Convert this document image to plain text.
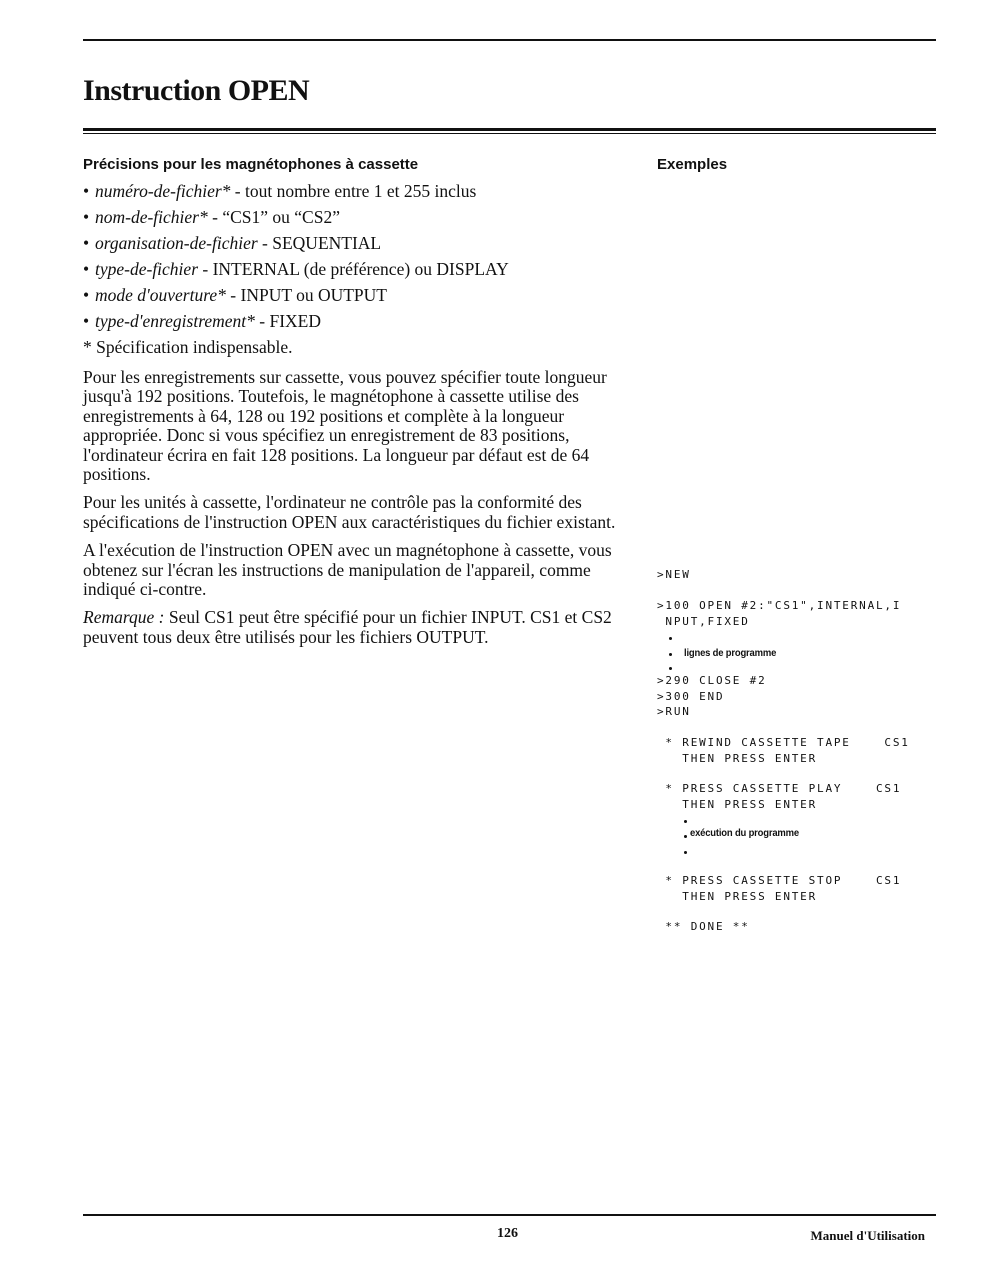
Instruction OPEN
Précisions pour les magnétophones à cassette
• numéro-de-fichier* - tout nombre entre 1 et 255 inclus
• nom-de-fichier* - “CS1” ou “CS2”
• organisation-de-fichier - SEQUENTIAL
• type-de-fichier - INTERNAL (de préférence) ou DISPLAY
• mode d'ouverture* - INPUT ou OUTPUT
• type-d'enregistrement* - FIXED

* Spécification indispensable.

Pour les enregistrements sur cassette, vous pouvez spécifier toute longueur jusqu'à 192 positions. Toutefois, le magnétophone à cassette utilise des enregistrements à 64, 128 ou 192 positions et complète à la longueur appropriée. Donc si vous spécifiez un enregistrement de 83 positions, l'ordinateur écrira en fait 128 positions. La longueur par défaut est de 64 positions.

Pour les unités à cassette, l'ordinateur ne contrôle pas la conformité des spécifications de l'instruction OPEN aux caractéristiques du fichier existant.

A l'exécution de l'instruction OPEN avec un magnétophone à cassette, vous obtenez sur l'écran les instructions de manipulation de l'appareil, comme indiqué ci-contre.

Remarque : Seul CS1 peut être spécifié pour un fichier INPUT. CS1 et CS2 peuvent tous deux être utilisés pour les fichiers OUTPUT.

Exemples
>NEW
>100 OPEN #2:"CS1",INTERNAL,I
NPUT,FIXED
lignes de programme
>290 CLOSE #2
>300 END
>RUN
* REWIND CASSETTE TAPE    CS1
THEN PRESS ENTER
* PRESS CASSETTE PLAY    CS1
THEN PRESS ENTER
exécution du programme
* PRESS CASSETTE STOP    CS1
THEN PRESS ENTER
** DONE **
126	Manuel d'Utilisation
